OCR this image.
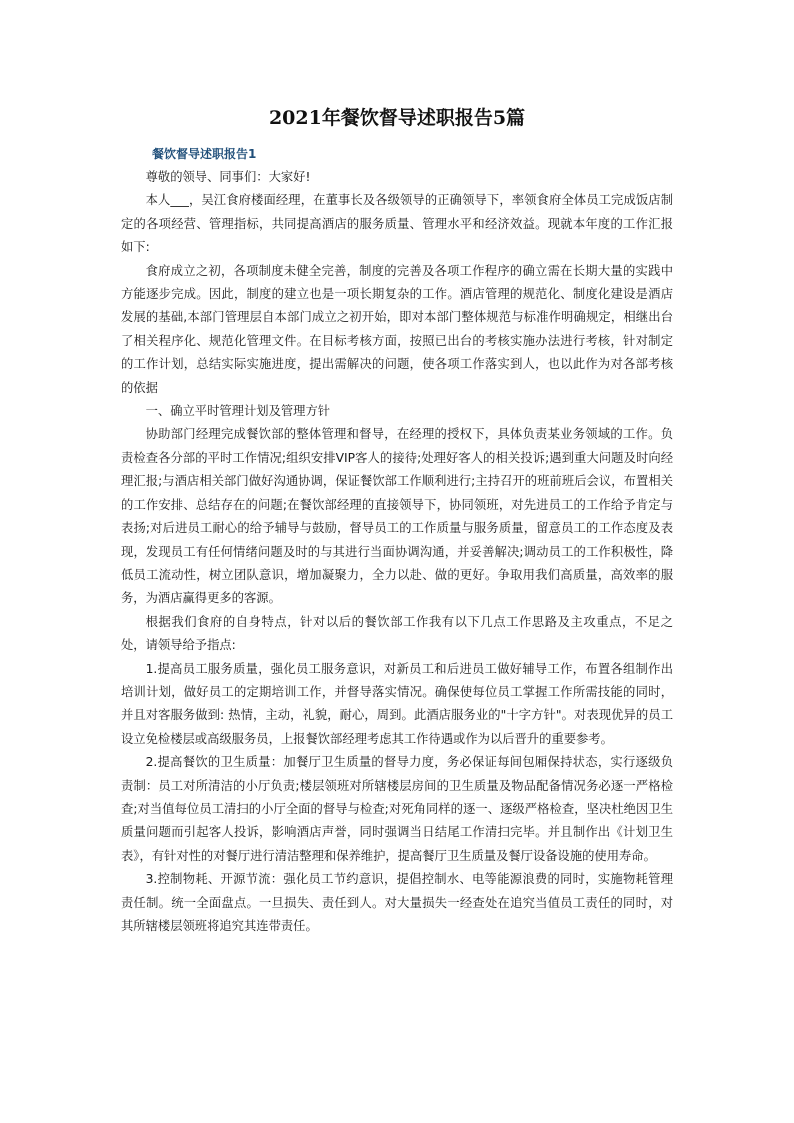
2021年餐饮督导述职报告5篇
餐饮督导述职报告1

尊敬的领导、同事们：大家好!

本人___，吴江食府楼面经理，在董事长及各级领导的正确领导下，率领食府全体员工完成饭店制定的各项经营、管理指标，共同提高酒店的服务质量、管理水平和经济效益。现就本年度的工作汇报如下:

食府成立之初，各项制度未健全完善，制度的完善及各项工作程序的确立需在长期大量的实践中方能逐步完成。因此，制度的建立也是一项长期复杂的工作。酒店管理的规范化、制度化建设是酒店发展的基础,本部门管理层自本部门成立之初开始，即对本部门整体规范与标准作明确规定，相继出台了相关程序化、规范化管理文件。在目标考核方面，按照已出台的考核实施办法进行考核，针对制定的工作计划，总结实际实施进度，提出需解决的问题，使各项工作落实到人，也以此作为对各部考核的依据

一、确立平时管理计划及管理方针

协助部门经理完成餐饮部的整体管理和督导，在经理的授权下，具体负责某业务领域的工作。负责检查各分部的平时工作情况;组织安排VIP客人的接待;处理好客人的相关投诉;遇到重大问题及时向经理汇报;与酒店相关部门做好沟通协调，保证餐饮部工作顺利进行;主持召开的班前班后会议，布置相关的工作安排、总结存在的问题;在餐饮部经理的直接领导下，协同领班，对先进员工的工作给予肯定与表扬;对后进员工耐心的给予辅导与鼓励，督导员工的工作质量与服务质量，留意员工的工作态度及表现，发现员工有任何情绪问题及时的与其进行当面协调沟通，并妥善解决;调动员工的工作积极性，降低员工流动性，树立团队意识，增加凝聚力，全力以赴、做的更好。争取用我们高质量，高效率的服务，为酒店赢得更多的客源。

根据我们食府的自身特点，针对以后的餐饮部工作我有以下几点工作思路及主攻重点，不足之处，请领导给予指点:

1.提高员工服务质量，强化员工服务意识，对新员工和后进员工做好辅导工作，布置各组制作出培训计划，做好员工的定期培训工作，并督导落实情况。确保使每位员工掌握工作所需技能的同时，并且对客服务做到: 热情，主动，礼貌，耐心，周到。此酒店服务业的"十字方针"。对表现优异的员工设立免检楼层或高级服务员，上报餐饮部经理考虑其工作待遇或作为以后晋升的重要参考。

2.提高餐饮的卫生质量：加餐厅卫生质量的督导力度，务必保证每间包厢保持状态，实行逐级负责制：员工对所清洁的小厅负责;楼层领班对所辖楼层房间的卫生质量及物品配备情况务必逐一严格检查;对当值每位员工清扫的小厅全面的督导与检查;对死角同样的逐一、逐级严格检查，坚决杜绝因卫生质量问题而引起客人投诉，影响酒店声誉，同时强调当日结尾工作清扫完毕。并且制作出《计划卫生表》，有针对性的对餐厅进行清洁整理和保养维护，提高餐厅卫生质量及餐厅设备设施的使用寿命。

3.控制物耗、开源节流：强化员工节约意识，提倡控制水、电等能源浪费的同时，实施物耗管理责任制。统一全面盘点。一旦损失、责任到人。对大量损失一经查处在追究当值员工责任的同时，对其所辖楼层领班将追究其连带责任。
